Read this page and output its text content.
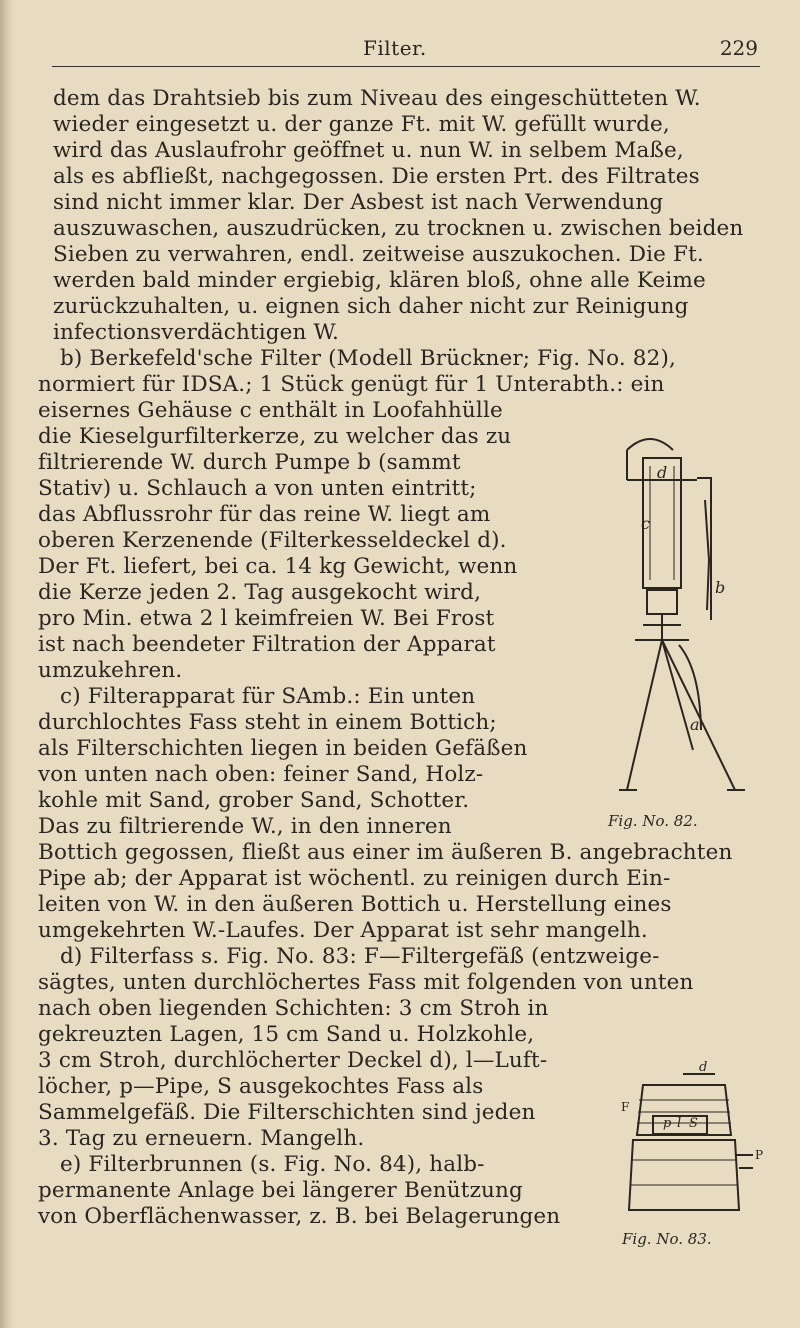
Filter.	229
dem das Drahtsieb bis zum Niveau des eingeschütteten W.
wieder eingesetzt u. der ganze Ft. mit W. gefüllt wurde,
wird das Auslaufrohr geöffnet u. nun W. in selbem Maße,
als es abfließt, nachgegossen. Die ersten Prt. des Filtrates
sind nicht immer klar. Der Asbest ist nach Verwendung
auszuwaschen, auszudrücken, zu trocknen u. zwischen beiden
Sieben zu verwahren, endl. zeitweise auszukochen. Die Ft.
werden bald minder ergiebig, klären bloß, ohne alle Keime
zurückzuhalten, u. eignen sich daher nicht zur Reinigung
infectionsverdächtigen W.
b) Berkefeld'sche Filter (Modell Brückner; Fig. No. 82),
normiert für IDSA.; 1 Stück genügt für 1 Unterabth.: ein
eisernes Gehäuse c enthält in Loofahhülle
die Kieselgurfilterkerze, zu welcher das zu
filtrierende W. durch Pumpe b (sammt
Stativ) u. Schlauch a von unten eintritt;
das Abflussrohr für das reine W. liegt am
oberen Kerzenende (Filterkesseldeckel d).
Der Ft. liefert, bei ca. 14 kg Gewicht, wenn
die Kerze jeden 2. Tag ausgekocht wird,
pro Min. etwa 2 l keimfreien W. Bei Frost
ist nach beendeter Filtration der Apparat
umzukehren.
c) Filterapparat für SAmb.: Ein unten
durchlochtes Fass steht in einem Bottich;
als Filterschichten liegen in beiden Gefäßen
von unten nach oben: feiner Sand, Holz-
kohle mit Sand, grober Sand, Schotter.
Das zu filtrierende W., in den inneren
Bottich gegossen, fließt aus einer im äußeren B. angebrachten
Pipe ab; der Apparat ist wöchentl. zu reinigen durch Ein-
leiten von W. in den äußeren Bottich u. Herstellung eines
umgekehrten W.-Laufes. Der Apparat ist sehr mangelh.
d) Filterfass s. Fig. No. 83: F—Filtergefäß (entzweige-
sägtes, unten durchlöchertes Fass mit folgenden von unten
nach oben liegenden Schichten: 3 cm Stroh in
gekreuzten Lagen, 15 cm Sand u. Holzkohle,
3 cm Stroh, durchlöcherter Deckel d), l—Luft-
löcher, p—Pipe, S ausgekochtes Fass als
Sammelgefäß. Die Filterschichten sind jeden
3. Tag zu erneuern. Mangelh.
e) Filterbrunnen (s. Fig. No. 84), halb-
permanente Anlage bei längerer Benützung
von Oberflächenwasser, z. B. bei Belagerungen
d
c
b
a
Fig. No. 82.
d
F
p l S
P
Fig. No. 83.
